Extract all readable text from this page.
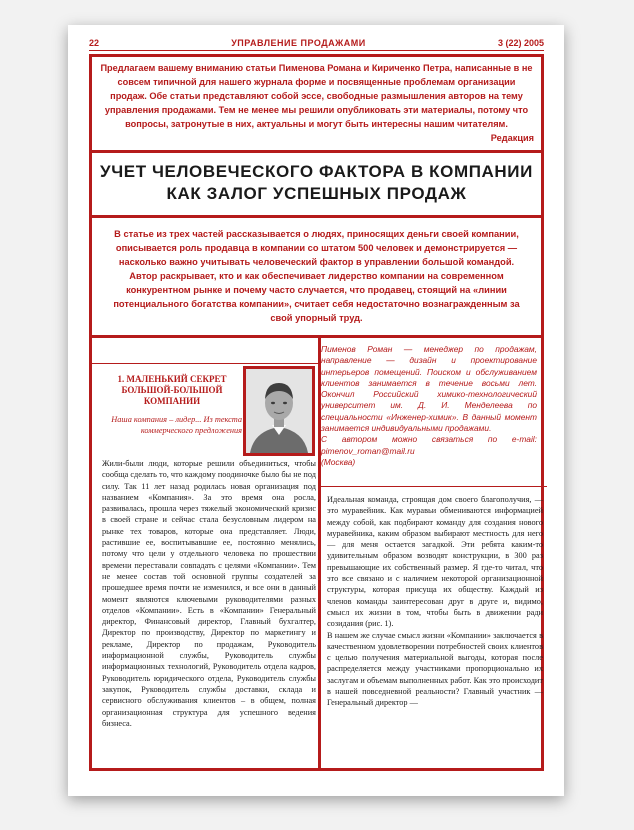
22	УПРАВЛЕНИЕ ПРОДАЖАМИ	3 (22) 2005
Предлагаем вашему вниманию статьи Пименова Романа и Кириченко Петра, написанные в не совсем типичной для нашего журнала форме и посвященные проблемам организации продаж. Обе статьи представляют собой эссе, свободные размышления авторов на тему управления продажами. Тем не менее мы решили опубликовать эти материалы, потому что вопросы, затронутые в них, актуальны и могут быть интересны нашим читателям.
Редакция
УЧЕТ ЧЕЛОВЕЧЕСКОГО ФАКТОРА В КОМПАНИИ
КАК ЗАЛОГ УСПЕШНЫХ ПРОДАЖ
В статье из трех частей рассказывается о людях, приносящих деньги своей компании, описывается роль продавца в компании со штатом 500 человек и демонстрируется — насколько важно учитывать человеческий фактор в управлении большой командой. Автор раскрывает, кто и как обеспечивает лидерство компании на современном конкурентном рынке и почему часто случается, что продавец, стоящий на «линии потенциального богатства компании», считает себя недостаточно вознагражденным за свой упорный труд.
1. МАЛЕНЬКИЙ СЕКРЕТ БОЛЬШОЙ-БОЛЬШОЙ КОМПАНИИ
Наша компания – лидер... Из текста коммерческого предложения

Жили-были люди, которые решили объединиться, чтобы сообща сделать то, что каждому поодиночке было бы не под силу. Так 11 лет назад родилась новая организация под названием «Компания». За это время она росла, развивалась, прошла через тяжелый экономический кризис в своей стране и сейчас стала безусловным лидером на рынке тех товаров, которые она представляет. Люди, растившие ее, воспитывавшие ее, постоянно менялись, потому что цели у отдельного человека по прошествии времени переставали совпадать с целями «Компании». Тем не менее состав той основной группы создателей за прошедшее время почти не изменился, и все они в данный момент являются ключевыми руководителями разных отделов «Компании». Есть в «Компании» Генеральный директор, Финансовый директор, Главный бухгалтер, Директор по производству, Директор по маркетингу и рекламе, Директор по продажам, Руководитель информационной службы, Руководитель службы информационных технологий, Руководитель отдела кадров, Руководитель юридического отдела, Руководитель службы закупок, Руководитель службы доставки, склада и сервисного обслуживания клиентов – в общем, полная организационная структура для успешного ведения бизнеса.

Пименов Роман — менеджер по продажам, направление — дизайн и проектирование интерьеров помещений. Поиском и обслуживанием клиентов занимается в течение восьми лет. Окончил Российский химико-технологический университет им. Д. И. Менделеева по специальности «Инженер-химик». В данный момент занимается индивидуальными продажами.
С автором можно связаться по e-mail: pimenov_roman@mail.ru
(Москва)

Идеальная команда, строящая дом своего благополучия, — это муравейник. Как муравьи обмениваются информацией между собой, как подбирают команду для создания нового муравейника, каким образом выбирают местность для него — для меня остается загадкой. Эти ребята каким-то удивительным образом возводят конструкции, в 300 раз превышающие их собственный размер. Я где-то читал, что это все связано и с наличием некоторой организационной структуры, которая присуща их обществу. Каждый из членов команды заинтересован друг в друге и, видимо, смысл их жизни в том, чтобы быть в движении ради созидания (рис. 1).

В нашем же случае смысл жизни «Компании» заключается в качественном удовлетворении потребностей своих клиентов с целью получения материальной выгоды, которая после распределяется между участниками пропорционально их заслугам и объемам выполненных работ. Как это происходит в нашей повседневной реальности? Главный участник — Генеральный директор —
